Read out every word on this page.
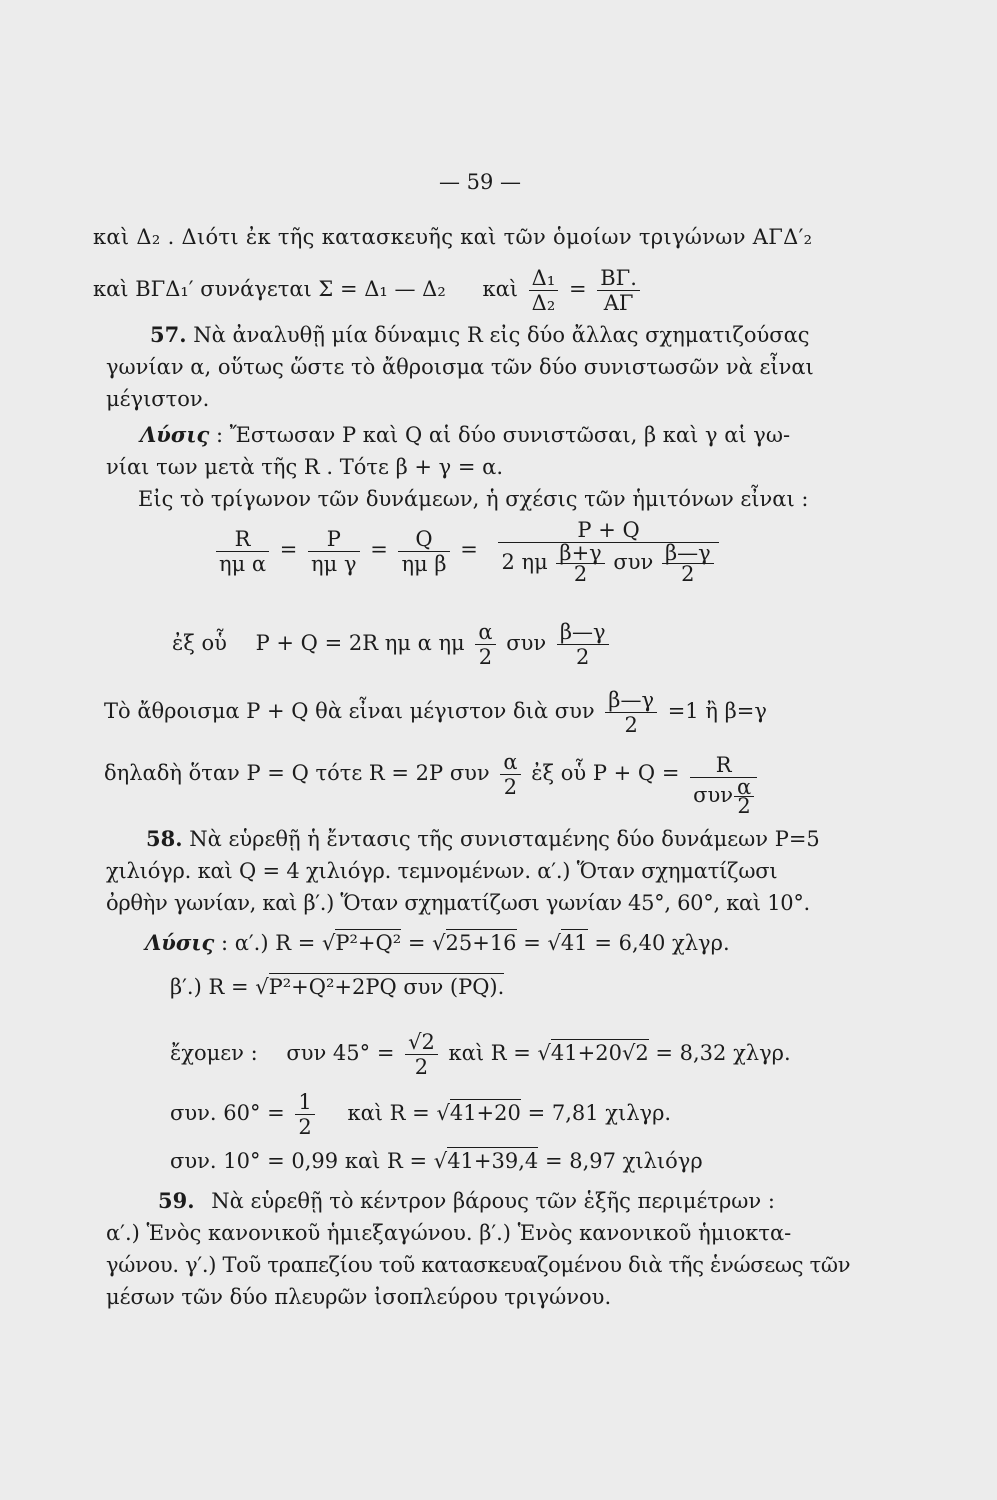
— 59 —
καὶ Δ₂ . Διότι ἐκ τῆς κατασκευῆς καὶ τῶν ὁμοίων τριγώνων ΑΓΔ′₂
καὶ ΒΓΔ₁′ συνάγεται Σ = Δ₁ — Δ₂ καὶ $\frac{\text{Δ₁}}{\text{Δ₂}} = \frac{B\Gamma.}{A\Gamma}$
57. Νὰ ἀναλυθῇ μία δύναμις R εἰς δύο ἄλλας σχηματιζούσας
γωνίαν α, οὕτως ὥστε τὸ ἄθροισμα τῶν δύο συνιστωσῶν νὰ εἶναι
μέγιστον.
Λύσις : Ἔστωσαν P καὶ Q αἱ δύο συνιστῶσαι, β καὶ γ αἱ γω-
νίαι των μετὰ τῆς R . Τότε β + γ = α.
Εἰς τὸ τρίγωνον τῶν δυνάμεων, ἡ σχέσις τῶν ἡμιτόνων εἶναι :
$\frac{R}{\text{ημ α}} = \frac{P}{\text{ημ γ}} = \frac{Q}{\text{ημ β}} = \frac{P + Q}{2 \eta\mu \frac{\beta+\gamma}{2} \sigma\upsilon\nu \frac{\beta—\gamma}{2}}$
ἐξ οὗ P + Q = 2R ημ α ημ $\frac{\alpha}{2}$ συν $\frac{\beta—\gamma}{2}$
Τὸ ἄθροισμα P + Q θὰ εἶναι μέγιστον διὰ συν $\frac{\beta—\gamma}{2} =1$ ἢ β=γ
δηλαδὴ ὅταν P = Q τότε R = 2P συν $\frac{\alpha}{2}$ ἐξ οὗ $P + Q = \frac{R}{\sigma\upsilon\nu \frac{\alpha}{2}}$
58. Νὰ εὑρεθῇ ἡ ἔντασις τῆς συνισταμένης δύο δυνάμεων P=5
χιλιόγρ. καὶ Q = 4 χιλιόγρ. τεμνομένων. α′.) Ὅταν σχηματίζωσι
ὀρθὴν γωνίαν, καὶ β′.) Ὅταν σχηματίζωσι γωνίαν 45°, 60°, καὶ 10°.
Λύσις : α′.) R = √P²+Q² = √25+16 = √41 = 6,40 χλγρ.
β′.) R = √P²+Q²+2PQ συν (PQ).
ἔχομεν : συν $45^\circ = \frac{√2}{2}$ καὶ R = √41+20√2 = 8,32 χλγρ.
συν. $60^\circ = \frac{1}{2}$ καὶ R = √41+20 = 7,81 χιλγρ.
συν. 10° = 0,99 καὶ R = √41+39,4 = 8,97 χιλιόγρ
59. Νὰ εὑρεθῇ τὸ κέντρον βάρους τῶν ἑξῆς περιμέτρων :
α′.) Ἑνὸς κανονικοῦ ἡμιεξαγώνου. β′.) Ἑνὸς κανονικοῦ ἡμιοκτα-
γώνου. γ′.) Τοῦ τραπεζίου τοῦ κατασκευαζομένου διὰ τῆς ἑνώσεως τῶν
μέσων τῶν δύο πλευρῶν ἰσοπλεύρου τριγώνου.
